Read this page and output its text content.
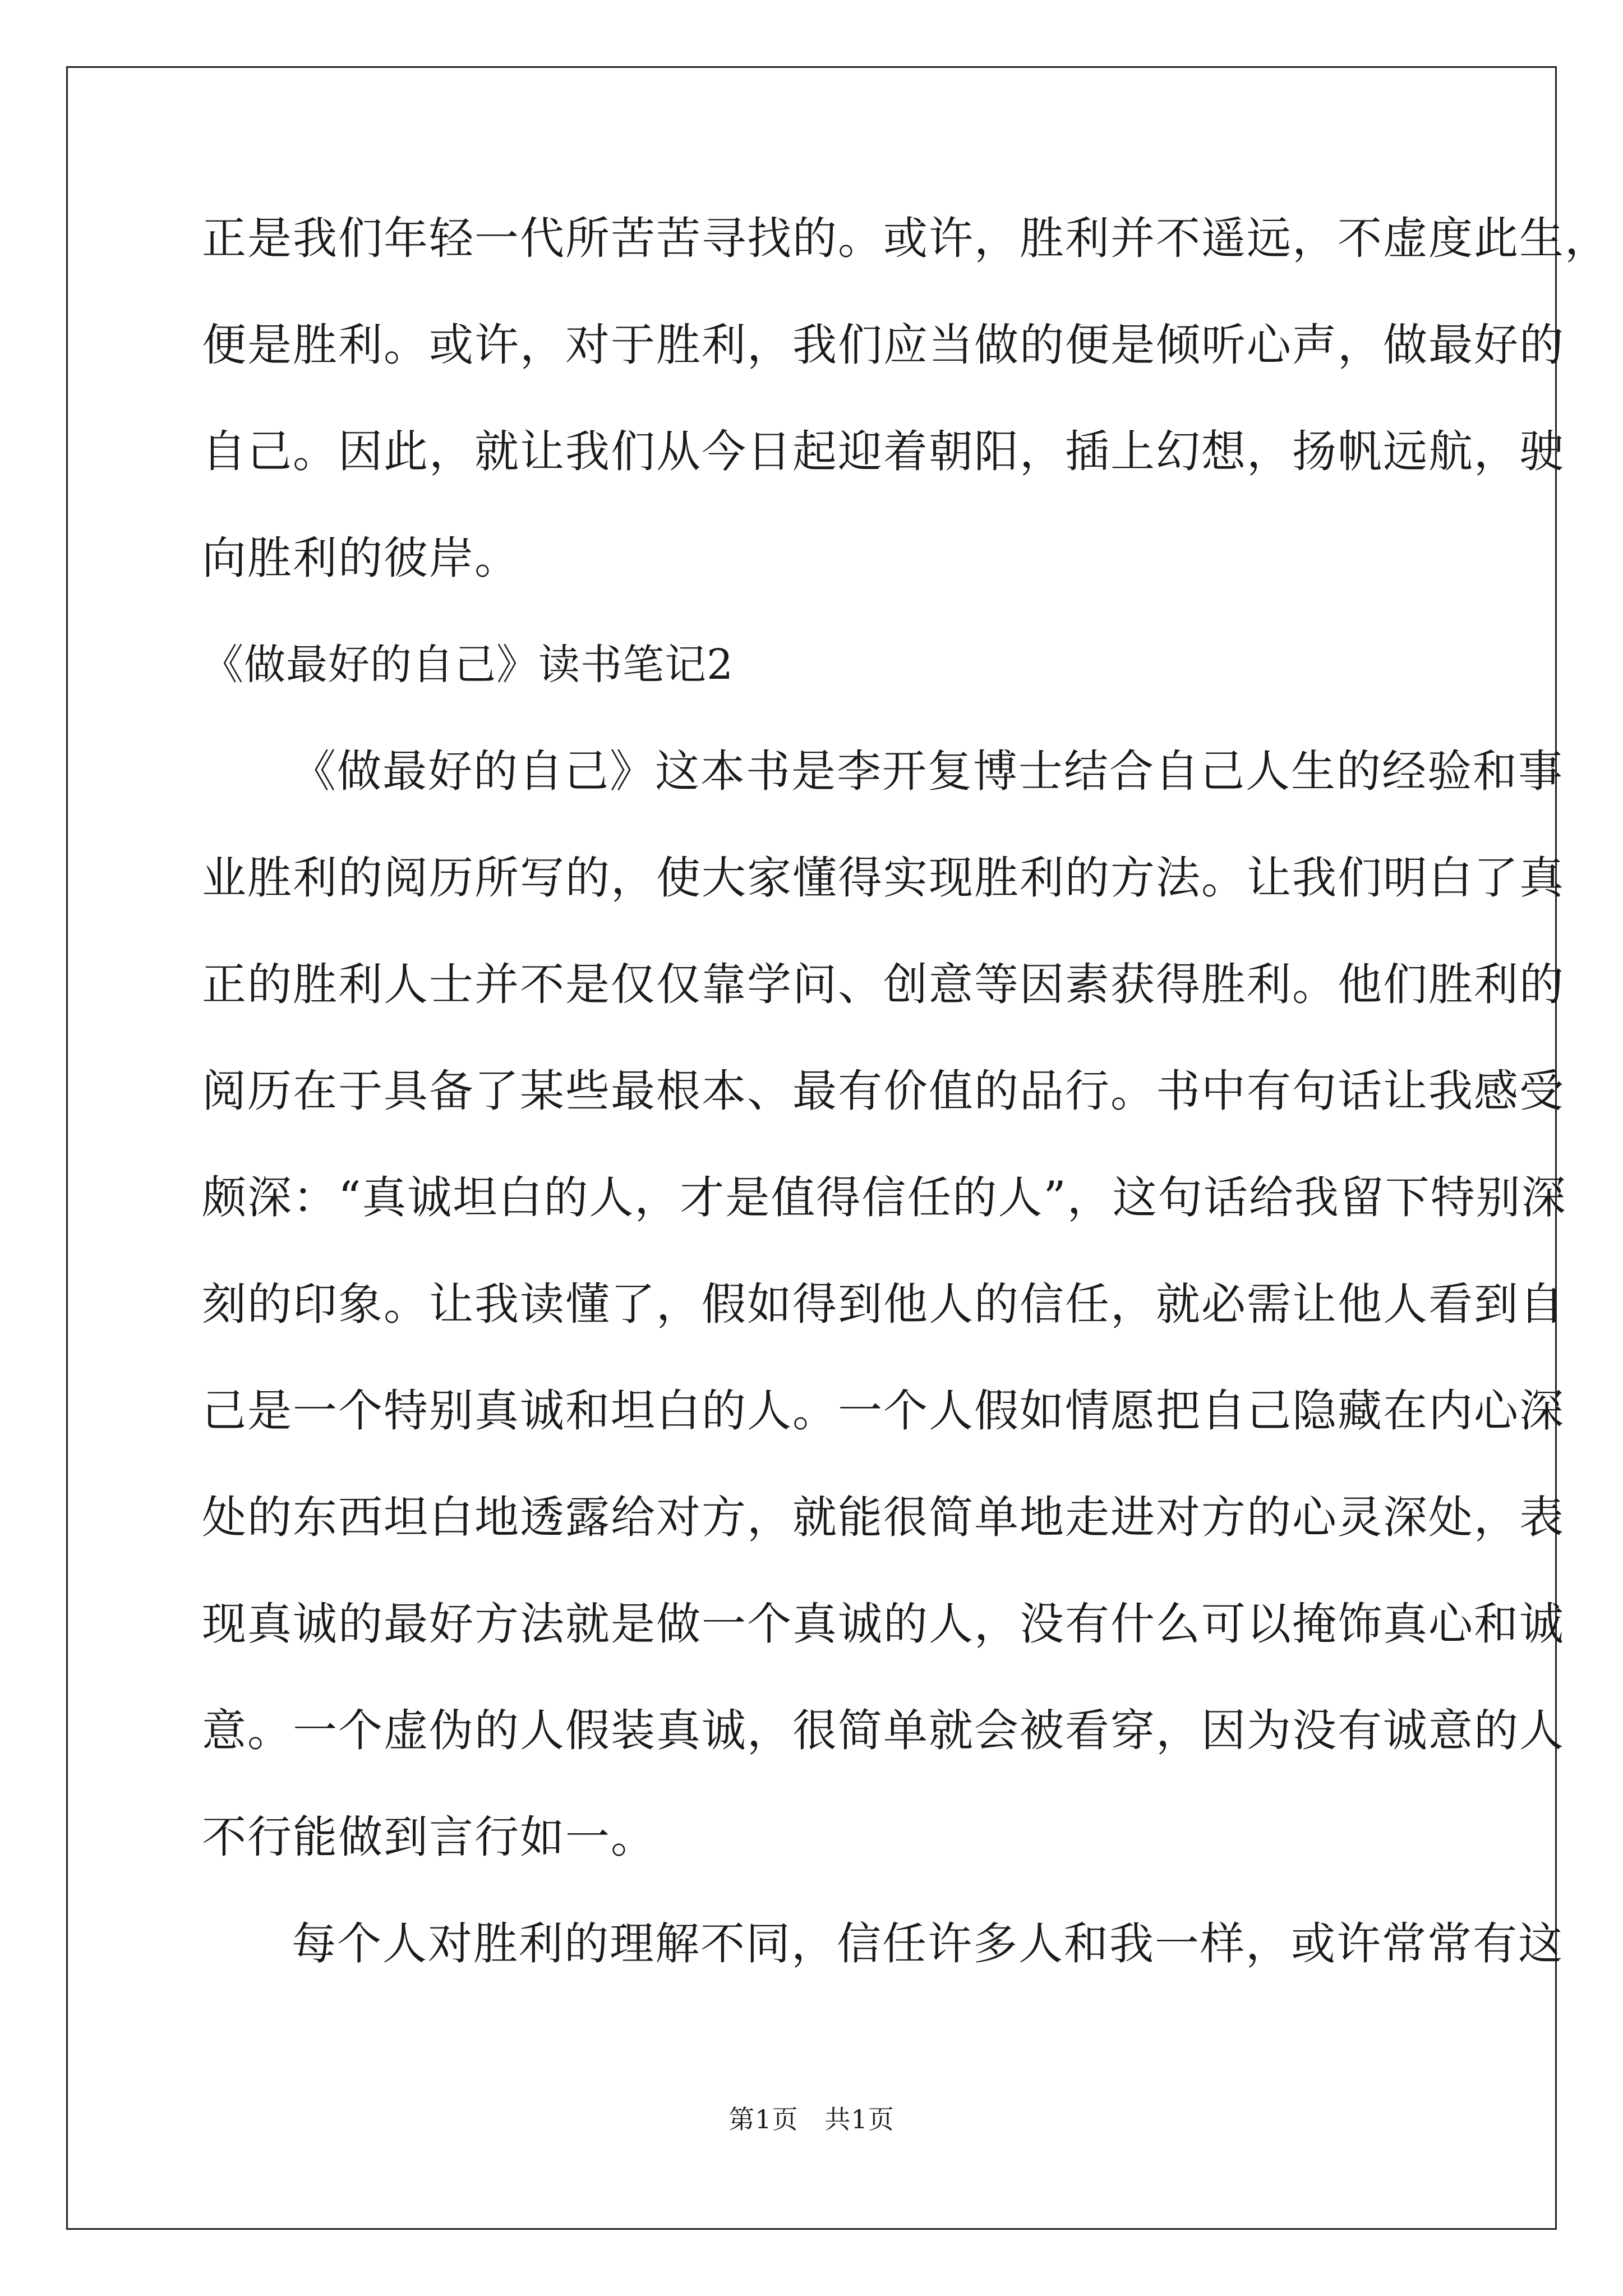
正是我们年轻一代所苦苦寻找的。或许，胜利并不遥远，不虚度此生，
便是胜利。或许，对于胜利，我们应当做的便是倾听心声，做最好的
自己。因此，就让我们从今日起迎着朝阳，插上幻想，扬帆远航，驶
向胜利的彼岸。
《做最好的自己》读书笔记2
《做最好的自己》这本书是李开复博士结合自己人生的经验和事
业胜利的阅历所写的，使大家懂得实现胜利的方法。让我们明白了真
正的胜利人士并不是仅仅靠学问、创意等因素获得胜利。他们胜利的
阅历在于具备了某些最根本、最有价值的品行。书中有句话让我感受
颇深：“真诚坦白的人，才是值得信任的人”，这句话给我留下特别深
刻的印象。让我读懂了，假如得到他人的信任，就必需让他人看到自
己是一个特别真诚和坦白的人。一个人假如情愿把自己隐藏在内心深
处的东西坦白地透露给对方，就能很简单地走进对方的心灵深处，表
现真诚的最好方法就是做一个真诚的人，没有什么可以掩饰真心和诚
意。一个虚伪的人假装真诚，很简单就会被看穿，因为没有诚意的人
不行能做到言行如一。
每个人对胜利的理解不同，信任许多人和我一样，或许常常有这
第1页   共1页
